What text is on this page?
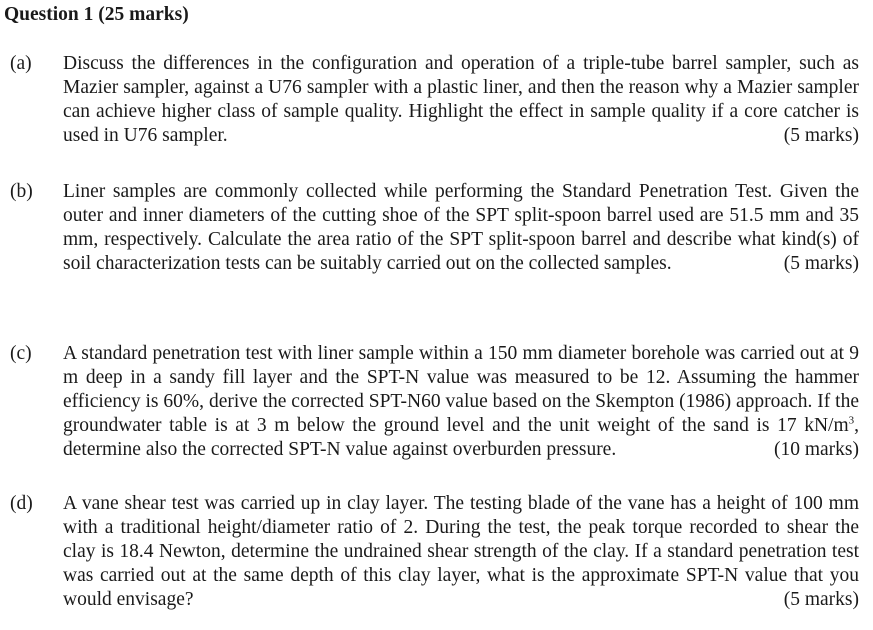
Question 1 (25 marks)
(a) Discuss the differences in the configuration and operation of a triple-tube barrel sampler, such as Mazier sampler, against a U76 sampler with a plastic liner, and then the reason why a Mazier sampler can achieve higher class of sample quality. Highlight the effect in sample quality if a core catcher is used in U76 sampler.	(5 marks)
(b) Liner samples are commonly collected while performing the Standard Penetration Test. Given the outer and inner diameters of the cutting shoe of the SPT split-spoon barrel used are 51.5 mm and 35 mm, respectively. Calculate the area ratio of the SPT split-spoon barrel and describe what kind(s) of soil characterization tests can be suitably carried out on the collected samples.	(5 marks)
(c) A standard penetration test with liner sample within a 150 mm diameter borehole was carried out at 9 m deep in a sandy fill layer and the SPT-N value was measured to be 12. Assuming the hammer efficiency is 60%, derive the corrected SPT-N60 value based on the Skempton (1986) approach. If the groundwater table is at 3 m below the ground level and the unit weight of the sand is 17 $kN/m^3$, determine also the corrected SPT-N value against overburden pressure.	(10 marks)
(d) A vane shear test was carried up in clay layer. The testing blade of the vane has a height of 100 mm with a traditional height/diameter ratio of 2. During the test, the peak torque recorded to shear the clay is 18.4 Newton, determine the undrained shear strength of the clay. If a standard penetration test was carried out at the same depth of this clay layer, what is the approximate SPT-N value that you would envisage?	(5 marks)
